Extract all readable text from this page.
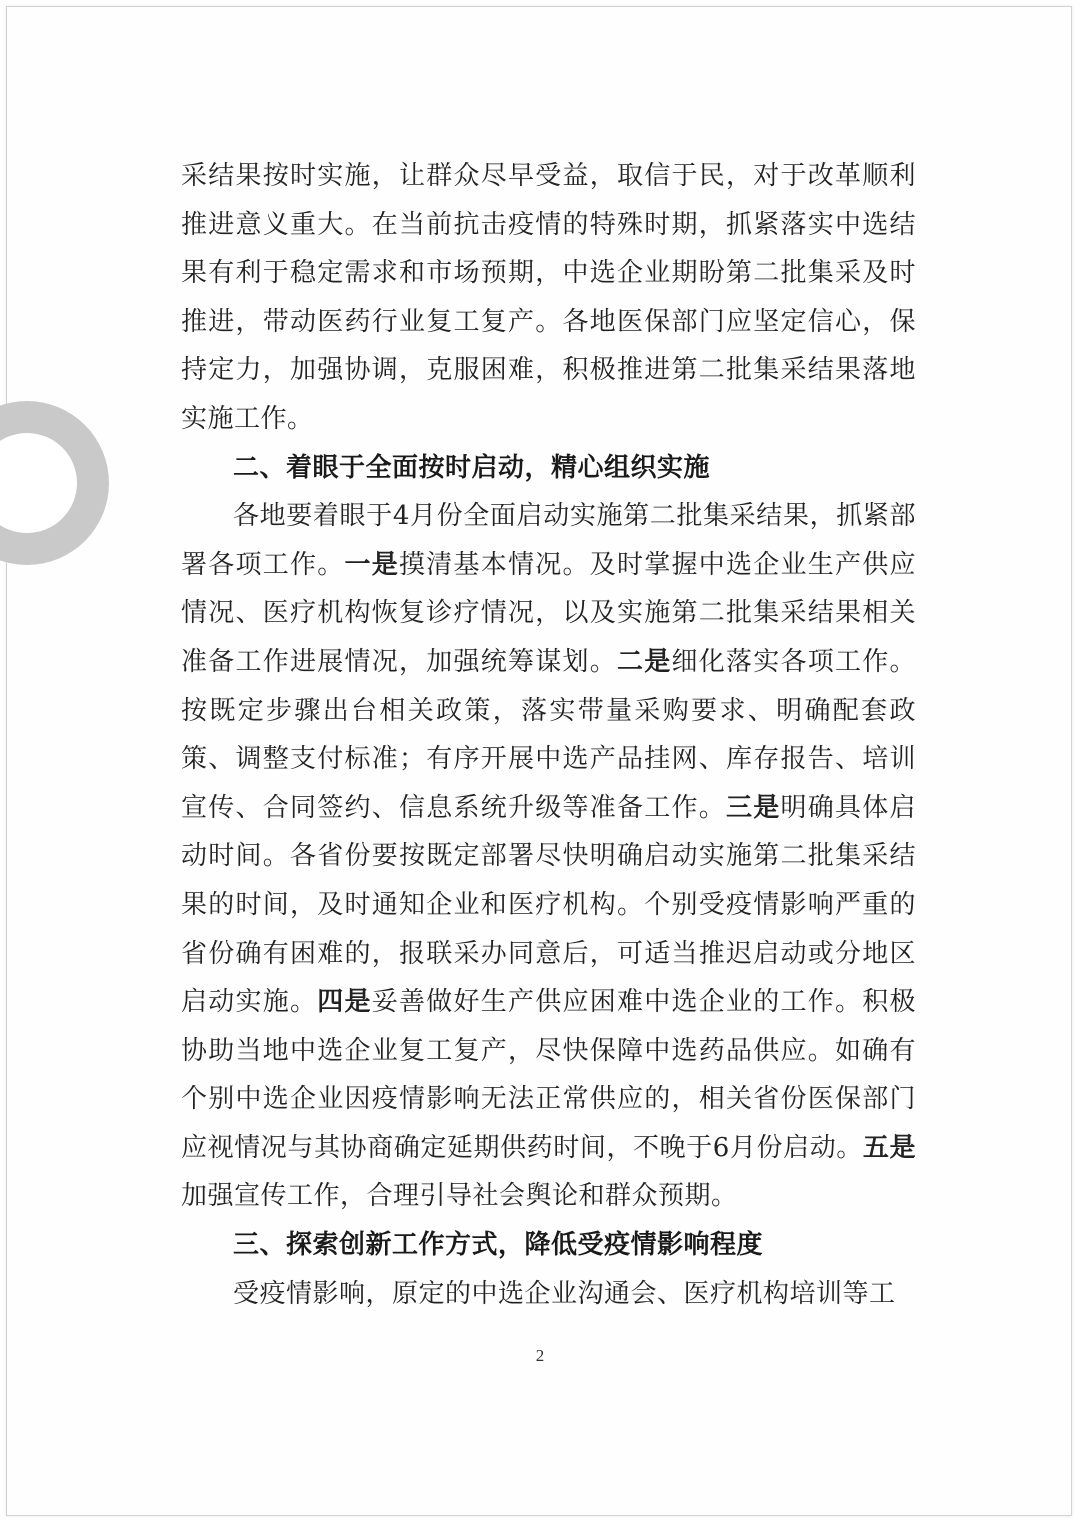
采结果按时实施，让群众尽早受益，取信于民，对于改革顺利推进意义重大。在当前抗击疫情的特殊时期，抓紧落实中选结果有利于稳定需求和市场预期，中选企业期盼第二批集采及时推进，带动医药行业复工复产。各地医保部门应坚定信心，保持定力，加强协调，克服困难，积极推进第二批集采结果落地实施工作。

二、着眼于全面按时启动，精心组织实施

各地要着眼于4月份全面启动实施第二批集采结果，抓紧部署各项工作。一是摸清基本情况。及时掌握中选企业生产供应情况、医疗机构恢复诊疗情况，以及实施第二批集采结果相关准备工作进展情况，加强统筹谋划。二是细化落实各项工作。按既定步骤出台相关政策，落实带量采购要求、明确配套政策、调整支付标准；有序开展中选产品挂网、库存报告、培训宣传、合同签约、信息系统升级等准备工作。三是明确具体启动时间。各省份要按既定部署尽快明确启动实施第二批集采结果的时间，及时通知企业和医疗机构。个别受疫情影响严重的省份确有困难的，报联采办同意后，可适当推迟启动或分地区启动实施。四是妥善做好生产供应困难中选企业的工作。积极协助当地中选企业复工复产，尽快保障中选药品供应。如确有个别中选企业因疫情影响无法正常供应的，相关省份医保部门应视情况与其协商确定延期供药时间，不晚于6月份启动。五是加强宣传工作，合理引导社会舆论和群众预期。

三、探索创新工作方式，降低受疫情影响程度

受疫情影响，原定的中选企业沟通会、医疗机构培训等工

2
